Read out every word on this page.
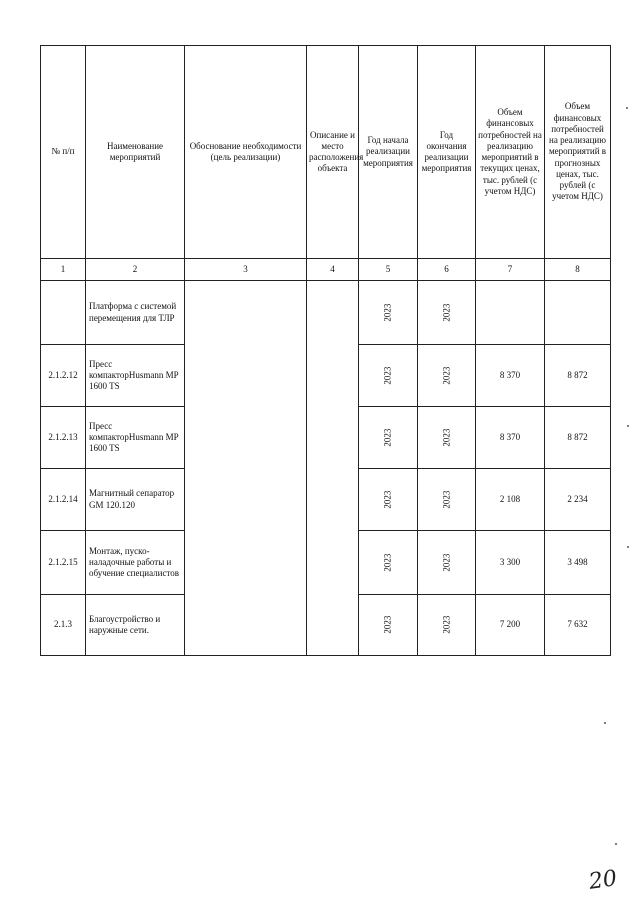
№ п/п	Наименование мероприятий	Обоснование необходимости (цель реализации)	Описание и место расположения объекта	Год начала реализации мероприятия	Год окончания реализации мероприятия	Объем финансовых потребностей на реализацию мероприятий в текущих ценах, тыс. рублей (с учетом НДС)	Объем финансовых потребностей на реализацию мероприятий в прогнозных ценах, тыс. рублей (с учетом НДС)
1	2	3	4	5	6	7	8
	Платформа с системой перемещения для ТЛР			2023	2023		
2.1.2.12	Пресс компакторHusmann MP 1600 TS			2023	2023	8 370	8 872
2.1.2.13	Пресс компакторHusmann MP 1600 TS			2023	2023	8 370	8 872
2.1.2.14	Магнитный сепаратор GM 120.120			2023	2023	2 108	2 234
2.1.2.15	Монтаж, пуско-наладочные работы и обучение специалистов			2023	2023	3 300	3 498
2.1.3	Благоустройство и наружные сети.			2023	2023	7 200	7 632
20
